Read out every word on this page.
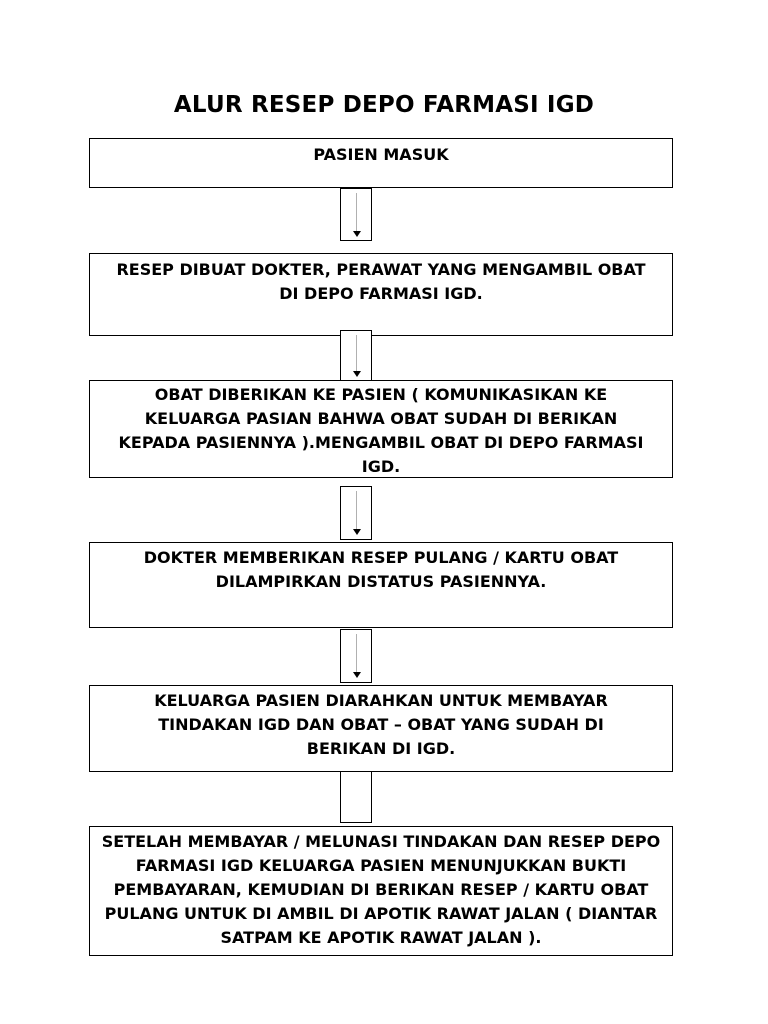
ALUR RESEP DEPO FARMASI IGD
PASIEN MASUK
RESEP DIBUAT DOKTER, PERAWAT YANG MENGAMBIL OBAT DI DEPO FARMASI IGD.
OBAT DIBERIKAN KE PASIEN ( KOMUNIKASIKAN KE KELUARGA PASIAN BAHWA OBAT SUDAH DI BERIKAN KEPADA PASIENNYA ).MENGAMBIL OBAT DI DEPO FARMASI IGD.
DOKTER MEMBERIKAN RESEP PULANG / KARTU OBAT DILAMPIRKAN DISTATUS PASIENNYA.
KELUARGA PASIEN DIARAHKAN UNTUK MEMBAYAR TINDAKAN IGD DAN OBAT – OBAT YANG SUDAH DI BERIKAN DI IGD.
SETELAH MEMBAYAR / MELUNASI TINDAKAN DAN RESEP DEPO FARMASI IGD KELUARGA PASIEN MENUNJUKKAN BUKTI PEMBAYARAN, KEMUDIAN DI BERIKAN RESEP / KARTU OBAT PULANG UNTUK DI AMBIL DI APOTIK RAWAT JALAN ( DIANTAR SATPAM KE APOTIK RAWAT JALAN ).
